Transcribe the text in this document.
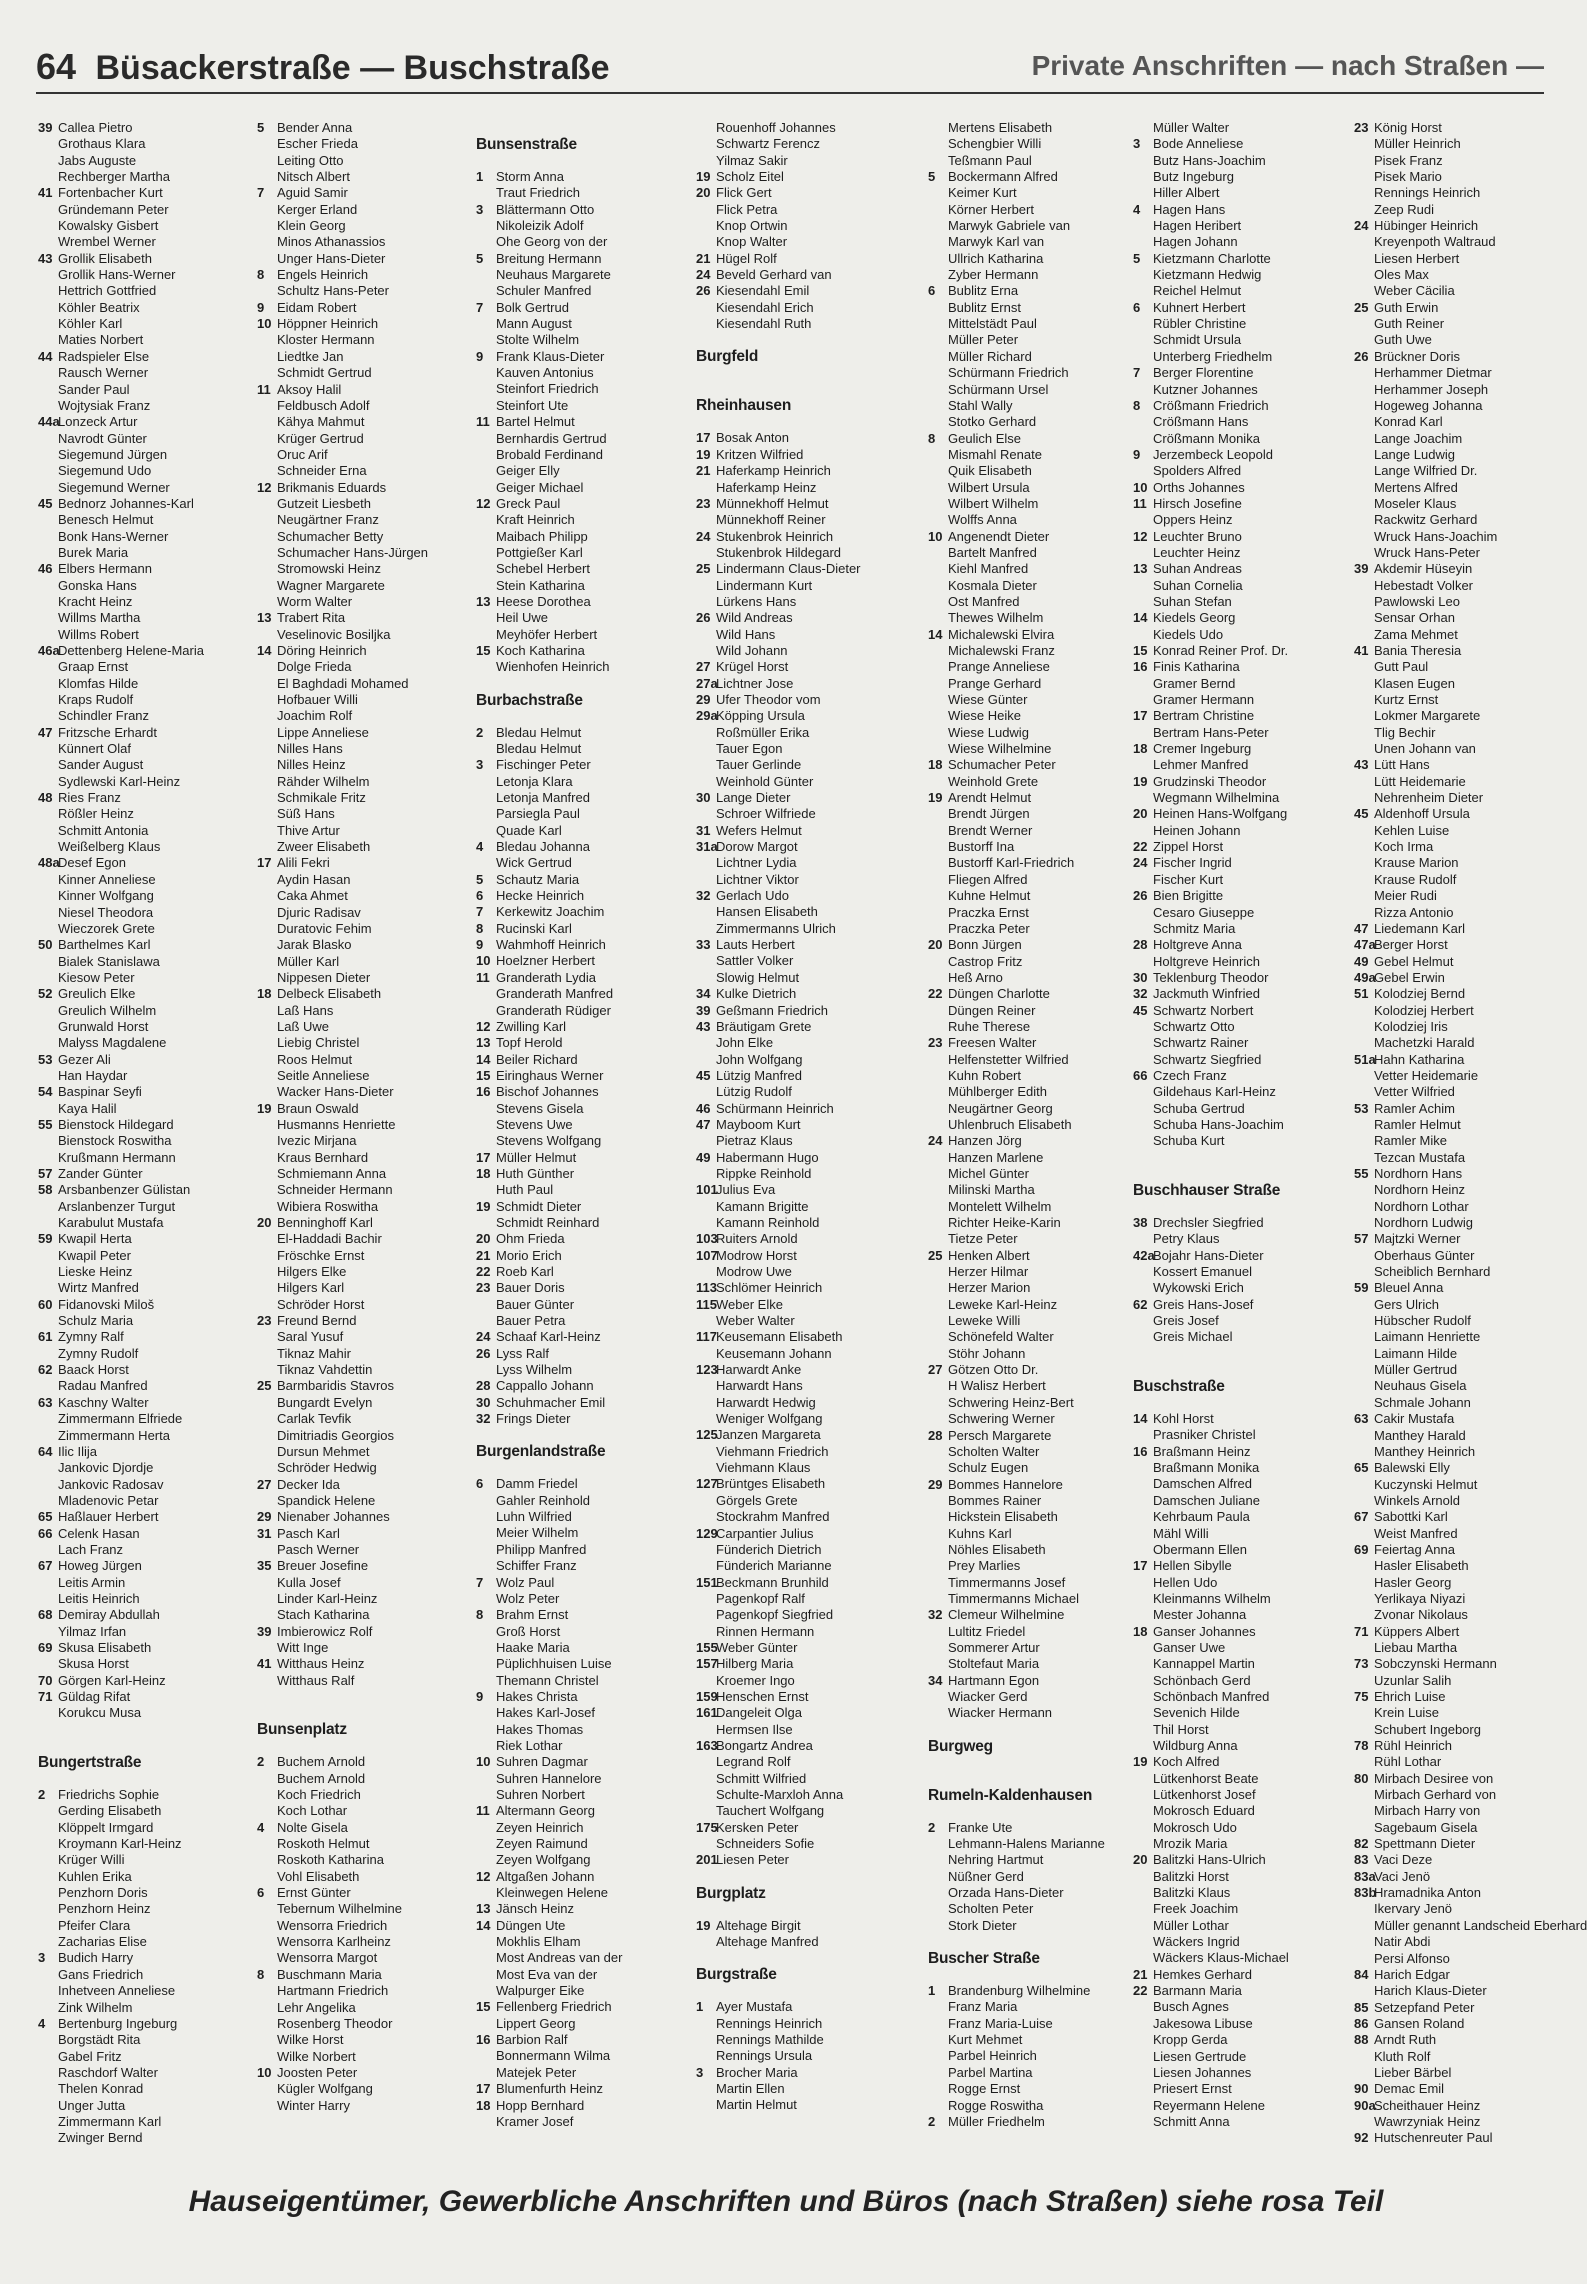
64 Büsackerstraße — Buschstraße	Private Anschriften — nach Straßen —
39 Callea Pietro
Grothaus Klara
Jabs Auguste
Rechberger Martha
41 Fortenbacher Kurt
Gründemann Peter
Kowalsky Gisbert
Wrembel Werner
43 Grollik Elisabeth
Grollik Hans-Werner
Hettrich Gottfried
Köhler Beatrix
Köhler Karl
Maties Norbert
44 Radspieler Else
Rausch Werner
Sander Paul
Wojtysiak Franz
44aLonzeck Artur
Navrodt Günter
Siegemund Jürgen
Siegemund Udo
Siegemund Werner
45 Bednorz Johannes-Karl
Benesch Helmut
Bonk Hans-Werner
Burek Maria
46 Elbers Hermann
Gonska Hans
Kracht Heinz
Willms Martha
Willms Robert
46aDettenberg Helene-Maria
Graap Ernst
Klomfas Hilde
Kraps Rudolf
Schindler Franz
47 Fritzsche Erhardt
Künnert Olaf
Sander August
Sydlewski Karl-Heinz
48 Ries Franz
Rößler Heinz
Schmitt Antonia
Weißelberg Klaus
48aDesef Egon
Kinner Anneliese
Kinner Wolfgang
Niesel Theodora
Wieczorek Grete
50 Barthelmes Karl
Bialek Stanislawa
Kiesow Peter
52 Greulich Elke
Greulich Wilhelm
Grunwald Horst
Malyss Magdalene
53 Gezer Ali
Han Haydar
54 Baspinar Seyfi
Kaya Halil
55 Bienstock Hildegard
Bienstock Roswitha
Krußmann Hermann
57 Zander Günter
58 Arsbanbenzer Gülistan
Arslanbenzer Turgut
Karabulut Mustafa
59 Kwapil Herta
Kwapil Peter
Lieske Heinz
Wirtz Manfred
60 Fidanovski Miloš
Schulz Maria
61 Zymny Ralf
Zymny Rudolf
62 Baack Horst
Radau Manfred
63 Kaschny Walter
Zimmermann Elfriede
Zimmermann Herta
64 Ilic Ilija
Jankovic Djordje
Jankovic Radosav
Mladenovic Petar
65 Haßlauer Herbert
66 Celenk Hasan
Lach Franz
67 Howeg Jürgen
Leitis Armin
Leitis Heinrich
68 Demiray Abdullah
Yilmaz Irfan
69 Skusa Elisabeth
Skusa Horst
70 Görgen Karl-Heinz
71 Güldag Rifat
Korukcu Musa
Bungertstraße
2 Friedrichs Sophie
Gerding Elisabeth
Klöppelt Irmgard
Kroymann Karl-Heinz
Krüger Willi
Kuhlen Erika
Penzhorn Doris
Penzhorn Heinz
Pfeifer Clara
Zacharias Elise
3 Budich Harry
Gans Friedrich
Inhetveen Anneliese
Zink Wilhelm
4 Bertenburg Ingeburg
Borgstädt Rita
Gabel Fritz
Raschdorf Walter
Thelen Konrad
Unger Jutta
Zimmermann Karl
Zwinger Bernd
5 Bender Anna
Escher Frieda
Leiting Otto
Nitsch Albert
7 Aguid Samir
Kerger Erland
Klein Georg
Minos Athanassios
Unger Hans-Dieter
8 Engels Heinrich
Schultz Hans-Peter
9 Eidam Robert
10 Höppner Heinrich
Kloster Hermann
Liedtke Jan
Schmidt Gertrud
11 Aksoy Halil
Feldbusch Adolf
Kähya Mahmut
Krüger Gertrud
Oruc Arif
Schneider Erna
12 Brikmanis Eduards
Gutzeit Liesbeth
Neugärtner Franz
Schumacher Betty
Schumacher Hans-Jürgen
Stromowski Heinz
Wagner Margarete
Worm Walter
13 Trabert Rita
Veselinovic Bosiljka
14 Döring Heinrich
Dolge Frieda
El Baghdadi Mohamed
Hofbauer Willi
Joachim Rolf
Lippe Anneliese
Nilles Hans
Nilles Heinz
Rähder Wilhelm
Schmikale Fritz
Süß Hans
Thive Artur
Zweer Elisabeth
17 Alili Fekri
Aydin Hasan
Caka Ahmet
Djuric Radisav
Duratovic Fehim
Jarak Blasko
Müller Karl
Nippesen Dieter
18 Delbeck Elisabeth
Laß Hans
Laß Uwe
Liebig Christel
Roos Helmut
Seitle Anneliese
Wacker Hans-Dieter
19 Braun Oswald
Husmanns Henriette
Ivezic Mirjana
Kraus Bernhard
Schmiemann Anna
Schneider Hermann
Wibiera Roswitha
20 Benninghoff Karl
El-Haddadi Bachir
Fröschke Ernst
Hilgers Elke
Hilgers Karl
Schröder Horst
23 Freund Bernd
Saral Yusuf
Tiknaz Mahir
Tiknaz Vahdettin
25 Barmbaridis Stavros
Bungardt Evelyn
Carlak Tevfik
Dimitriadis Georgios
Dursun Mehmet
Schröder Hedwig
27 Decker Ida
Spandick Helene
29 Nienaber Johannes
31 Pasch Karl
Pasch Werner
35 Breuer Josefine
Kulla Josef
Linder Karl-Heinz
Stach Katharina
39 Imbierowicz Rolf
Witt Inge
41 Witthaus Heinz
Witthaus Ralf
Bunsenplatz
2 Buchem Arnold
Buchem Arnold
Koch Friedrich
Koch Lothar
4 Nolte Gisela
Roskoth Helmut
Roskoth Katharina
Vohl Elisabeth
6 Ernst Günter
Tebernum Wilhelmine
Wensorra Friedrich
Wensorra Karlheinz
Wensorra Margot
8 Buschmann Maria
Hartmann Friedrich
Lehr Angelika
Rosenberg Theodor
Wilke Horst
Wilke Norbert
10 Joosten Peter
Kügler Wolfgang
Winter Harry
Bunsenstraße
1 Storm Anna
Traut Friedrich
3 Blättermann Otto
Nikoleizik Adolf
Ohe Georg von der
5 Breitung Hermann
Neuhaus Margarete
Schuler Manfred
7 Bolk Gertrud
Mann August
Stolte Wilhelm
9 Frank Klaus-Dieter
Kauven Antonius
Steinfort Friedrich
Steinfort Ute
11 Bartel Helmut
Bernhardis Gertrud
Brobald Ferdinand
Geiger Elly
Geiger Michael
12 Greck Paul
Kraft Heinrich
Maibach Philipp
Pottgießer Karl
Schebel Herbert
Stein Katharina
13 Heese Dorothea
Heil Uwe
Meyhöfer Herbert
15 Koch Katharina
Wienhofen Heinrich
Burbachstraße
2 Bledau Helmut
Bledau Helmut
3 Fischinger Peter
Letonja Klara
Letonja Manfred
Parsiegla Paul
Quade Karl
4 Bledau Johanna
Wick Gertrud
5 Schautz Maria
6 Hecke Heinrich
7 Kerkewitz Joachim
8 Rucinski Karl
9 Wahmhoff Heinrich
10 Hoelzner Herbert
11 Granderath Lydia
Granderath Manfred
Granderath Rüdiger
12 Zwilling Karl
13 Topf Herold
14 Beiler Richard
15 Eiringhaus Werner
16 Bischof Johannes
Stevens Gisela
Stevens Uwe
Stevens Wolfgang
17 Müller Helmut
18 Huth Günther
Huth Paul
19 Schmidt Dieter
Schmidt Reinhard
20 Ohm Frieda
21 Morio Erich
22 Roeb Karl
23 Bauer Doris
Bauer Günter
Bauer Petra
24 Schaaf Karl-Heinz
26 Lyss Ralf
Lyss Wilhelm
28 Cappallo Johann
30 Schuhmacher Emil
32 Frings Dieter
Burgenlandstraße
6 Damm Friedel
Gahler Reinhold
Luhn Wilfried
Meier Wilhelm
Philipp Manfred
Schiffer Franz
7 Wolz Paul
Wolz Peter
8 Brahm Ernst
Groß Horst
Haake Maria
Püplichhuisen Luise
Themann Christel
9 Hakes Christa
Hakes Karl-Josef
Hakes Thomas
Riek Lothar
10 Suhren Dagmar
Suhren Hannelore
Suhren Norbert
11 Altermann Georg
Zeyen Heinrich
Zeyen Raimund
Zeyen Wolfgang
12 Altgaßen Johann
Kleinwegen Helene
13 Jänsch Heinz
14 Düngen Ute
Mokhlis Elham
Most Andreas van der
Most Eva van der
Walpurger Eike
15 Fellenberg Friedrich
Lippert Georg
16 Barbion Ralf
Bonnermann Wilma
Matejek Peter
17 Blumenfurth Heinz
18 Hopp Bernhard
Kramer Josef
Rouenhoff Johannes
Schwartz Ferencz
Yilmaz Sakir
19 Scholz Eitel
20 Flick Gert
Flick Petra
Knop Ortwin
Knop Walter
21 Hügel Rolf
24 Beveld Gerhard van
26 Kiesendahl Emil
Kiesendahl Erich
Kiesendahl Ruth
Burgfeld
Rheinhausen
17 Bosak Anton
19 Kritzen Wilfried
21 Haferkamp Heinrich
Haferkamp Heinz
23 Münnekhoff Helmut
Münnekhoff Reiner
24 Stukenbrok Heinrich
Stukenbrok Hildegard
25 Lindermann Claus-Dieter
Lindermann Kurt
Lürkens Hans
26 Wild Andreas
Wild Hans
Wild Johann
27 Krügel Horst
27aLichtner Jose
29 Ufer Theodor vom
29aKöpping Ursula
Roßmüller Erika
Tauer Egon
Tauer Gerlinde
Weinhold Günter
30 Lange Dieter
Schroer Wilfriede
31 Wefers Helmut
31aDorow Margot
Lichtner Lydia
Lichtner Viktor
32 Gerlach Udo
Hansen Elisabeth
Zimmermanns Ulrich
33 Lauts Herbert
Sattler Volker
Slowig Helmut
34 Kulke Dietrich
39 Geßmann Friedrich
43 Bräutigam Grete
John Elke
John Wolfgang
45 Lützig Manfred
Lützig Rudolf
46 Schürmann Heinrich
47 Mayboom Kurt
Pietraz Klaus
49 Habermann Hugo
Rippke Reinhold
101Julius Eva
Kamann Brigitte
Kamann Reinhold
103Ruiters Arnold
107Modrow Horst
Modrow Uwe
113Schlömer Heinrich
115Weber Elke
Weber Walter
117Keusemann Elisabeth
Keusemann Johann
123Harwardt Anke
Harwardt Hans
Harwardt Hedwig
Weniger Wolfgang
125Janzen Margareta
Viehmann Friedrich
Viehmann Klaus
127Brüntges Elisabeth
Görgels Grete
Stockrahm Manfred
129Carpantier Julius
Fünderich Dietrich
Fünderich Marianne
151Beckmann Brunhild
Pagenkopf Ralf
Pagenkopf Siegfried
Rinnen Hermann
155Weber Günter
157Hilberg Maria
Kroemer Ingo
159Henschen Ernst
161Dangeleit Olga
Hermsen Ilse
163Bongartz Andrea
Legrand Rolf
Schmitt Wilfried
Schulte-Marxloh Anna
Tauchert Wolfgang
175Kersken Peter
Schneiders Sofie
201Liesen Peter
Burgplatz
19 Altehage Birgit
Altehage Manfred
Burgstraße
1 Ayer Mustafa
Rennings Heinrich
Rennings Mathilde
Rennings Ursula
3 Brocher Maria
Martin Ellen
Martin Helmut
Mertens Elisabeth
Schengbier Willi
Teßmann Paul
5 Bockermann Alfred
Keimer Kurt
Körner Herbert
Marwyk Gabriele van
Marwyk Karl van
Ullrich Katharina
Zyber Hermann
6 Bublitz Erna
Bublitz Ernst
Mittelstädt Paul
Müller Peter
Müller Richard
Schürmann Friedrich
Schürmann Ursel
Stahl Wally
Stotko Gerhard
8 Geulich Else
Mismahl Renate
Quik Elisabeth
Wilbert Ursula
Wilbert Wilhelm
Wolffs Anna
10 Angenendt Dieter
Bartelt Manfred
Kiehl Manfred
Kosmala Dieter
Ost Manfred
Thewes Wilhelm
14 Michalewski Elvira
Michalewski Franz
Prange Anneliese
Prange Gerhard
Wiese Günter
Wiese Heike
Wiese Ludwig
Wiese Wilhelmine
18 Schumacher Peter
Weinhold Grete
19 Arendt Helmut
Brendt Jürgen
Brendt Werner
Bustorff Ina
Bustorff Karl-Friedrich
Fliegen Alfred
Kuhne Helmut
Praczka Ernst
Praczka Peter
20 Bonn Jürgen
Castrop Fritz
Heß Arno
22 Düngen Charlotte
Düngen Reiner
Ruhe Therese
23 Freesen Walter
Helfenstetter Wilfried
Kuhn Robert
Mühlberger Edith
Neugärtner Georg
Uhlenbruch Elisabeth
24 Hanzen Jörg
Hanzen Marlene
Michel Günter
Milinski Martha
Montelett Wilhelm
Richter Heike-Karin
Tietze Peter
25 Henken Albert
Herzer Hilmar
Herzer Marion
Leweke Karl-Heinz
Leweke Willi
Schönefeld Walter
Stöhr Johann
27 Götzen Otto Dr.
H Walisz Herbert
Schwering Heinz-Bert
Schwering Werner
28 Persch Margarete
Scholten Walter
Schulz Eugen
29 Bommes Hannelore
Bommes Rainer
Hickstein Elisabeth
Kuhns Karl
Nöhles Elisabeth
Prey Marlies
Timmermanns Josef
Timmermanns Michael
32 Clemeur Wilhelmine
Lultitz Friedel
Sommerer Artur
Stoltefaut Maria
34 Hartmann Egon
Wiacker Gerd
Wiacker Hermann
Burgweg
Rumeln-Kaldenhausen
2 Franke Ute
Lehmann-Halens Marianne
Nehring Hartmut
Nüßner Gerd
Orzada Hans-Dieter
Scholten Peter
Stork Dieter
Buscher Straße
1 Brandenburg Wilhelmine
Franz Maria
Franz Maria-Luise
Kurt Mehmet
Parbel Heinrich
Parbel Martina
Rogge Ernst
Rogge Roswitha
2 Müller Friedhelm
Müller Walter
3 Bode Anneliese
Butz Hans-Joachim
Butz Ingeburg
Hiller Albert
4 Hagen Hans
Hagen Heribert
Hagen Johann
5 Kietzmann Charlotte
Kietzmann Hedwig
Reichel Helmut
6 Kuhnert Herbert
Rübler Christine
Schmidt Ursula
Unterberg Friedhelm
7 Berger Florentine
Kutzner Johannes
8 Crößmann Friedrich
Crößmann Hans
Crößmann Monika
9 Jerzembeck Leopold
Spolders Alfred
10 Orths Johannes
11 Hirsch Josefine
Oppers Heinz
12 Leuchter Bruno
Leuchter Heinz
13 Suhan Andreas
Suhan Cornelia
Suhan Stefan
14 Kiedels Georg
Kiedels Udo
15 Konrad Reiner Prof. Dr.
16 Finis Katharina
Gramer Bernd
Gramer Hermann
17 Bertram Christine
Bertram Hans-Peter
18 Cremer Ingeburg
Lehmer Manfred
19 Grudzinski Theodor
Wegmann Wilhelmina
20 Heinen Hans-Wolfgang
Heinen Johann
22 Zippel Horst
24 Fischer Ingrid
Fischer Kurt
26 Bien Brigitte
Cesaro Giuseppe
Schmitz Maria
28 Holtgreve Anna
Holtgreve Heinrich
30 Teklenburg Theodor
32 Jackmuth Winfried
45 Schwartz Norbert
Schwartz Otto
Schwartz Rainer
Schwartz Siegfried
66 Czech Franz
Gildehaus Karl-Heinz
Schuba Gertrud
Schuba Hans-Joachim
Schuba Kurt
Buschhauser Straße
38 Drechsler Siegfried
Petry Klaus
42aBojahr Hans-Dieter
Kossert Emanuel
Wykowski Erich
62 Greis Hans-Josef
Greis Josef
Greis Michael
Buschstraße
14 Kohl Horst
Prasniker Christel
16 Braßmann Heinz
Braßmann Monika
Damschen Alfred
Damschen Juliane
Kehrbaum Paula
Mähl Willi
Obermann Ellen
17 Hellen Sibylle
Hellen Udo
Kleinmanns Wilhelm
Mester Johanna
18 Ganser Johannes
Ganser Uwe
Kannappel Martin
Schönbach Gerd
Schönbach Manfred
Sevenich Hilde
Thil Horst
Wildburg Anna
19 Koch Alfred
Lütkenhorst Beate
Lütkenhorst Josef
Mokrosch Eduard
Mokrosch Udo
Mrozik Maria
20 Balitzki Hans-Ulrich
Balitzki Horst
Balitzki Klaus
Freek Joachim
Müller Lothar
Wäckers Ingrid
Wäckers Klaus-Michael
21 Hemkes Gerhard
22 Barmann Maria
Busch Agnes
Jakesowa Libuse
Kropp Gerda
Liesen Gertrude
Liesen Johannes
Priesert Ernst
Reyermann Helene
Schmitt Anna
23 König Horst
Müller Heinrich
Pisek Franz
Pisek Mario
Rennings Heinrich
Zeep Rudi
24 Hübinger Heinrich
Kreyenpoth Waltraud
Liesen Herbert
Oles Max
Weber Cäcilia
25 Guth Erwin
Guth Reiner
Guth Uwe
26 Brückner Doris
Herhammer Dietmar
Herhammer Joseph
Hogeweg Johanna
Konrad Karl
Lange Joachim
Lange Ludwig
Lange Wilfried Dr.
Mertens Alfred
Moseler Klaus
Rackwitz Gerhard
Wruck Hans-Joachim
Wruck Hans-Peter
39 Akdemir Hüseyin
Hebestadt Volker
Pawlowski Leo
Sensar Orhan
Zama Mehmet
41 Bania Theresia
Gutt Paul
Klasen Eugen
Kurtz Ernst
Lokmer Margarete
Tlig Bechir
Unen Johann van
43 Lütt Hans
Lütt Heidemarie
Nehrenheim Dieter
45 Aldenhoff Ursula
Kehlen Luise
Koch Irma
Krause Marion
Krause Rudolf
Meier Rudi
Rizza Antonio
47 Liedemann Karl
47aBerger Horst
49 Gebel Helmut
49aGebel Erwin
51 Kolodziej Bernd
Kolodziej Herbert
Kolodziej Iris
Machetzki Harald
51aHahn Katharina
Vetter Heidemarie
Vetter Wilfried
53 Ramler Achim
Ramler Helmut
Ramler Mike
Tezcan Mustafa
55 Nordhorn Hans
Nordhorn Heinz
Nordhorn Lothar
Nordhorn Ludwig
57 Majtzki Werner
Oberhaus Günter
Scheiblich Bernhard
59 Bleuel Anna
Gers Ulrich
Hübscher Rudolf
Laimann Henriette
Laimann Hilde
Müller Gertrud
Neuhaus Gisela
Schmale Johann
63 Cakir Mustafa
Manthey Harald
Manthey Heinrich
65 Balewski Elly
Kuczynski Helmut
Winkels Arnold
67 Sabottki Karl
Weist Manfred
69 Feiertag Anna
Hasler Elisabeth
Hasler Georg
Yerlikaya Niyazi
Zvonar Nikolaus
71 Küppers Albert
Liebau Martha
73 Sobczynski Hermann
Uzunlar Salih
75 Ehrich Luise
Krein Luise
Schubert Ingeborg
78 Rühl Heinrich
Rühl Lothar
80 Mirbach Desiree von
Mirbach Gerhard von
Mirbach Harry von
Sagebaum Gisela
82 Spettmann Dieter
83 Vaci Deze
83aVaci Jenö
83bHramadnika Anton
Ikervary Jenö
Müller genannt Landscheid Eberhard
Natir Abdi
Persi Alfonso
84 Harich Edgar
Harich Klaus-Dieter
85 Setzepfand Peter
86 Gansen Roland
88 Arndt Ruth
Kluth Rolf
Lieber Bärbel
90 Demac Emil
90aScheithauer Heinz
Wawrzyniak Heinz
92 Hutschenreuter Paul
Hauseigentümer, Gewerbliche Anschriften und Büros (nach Straßen) siehe rosa Teil
